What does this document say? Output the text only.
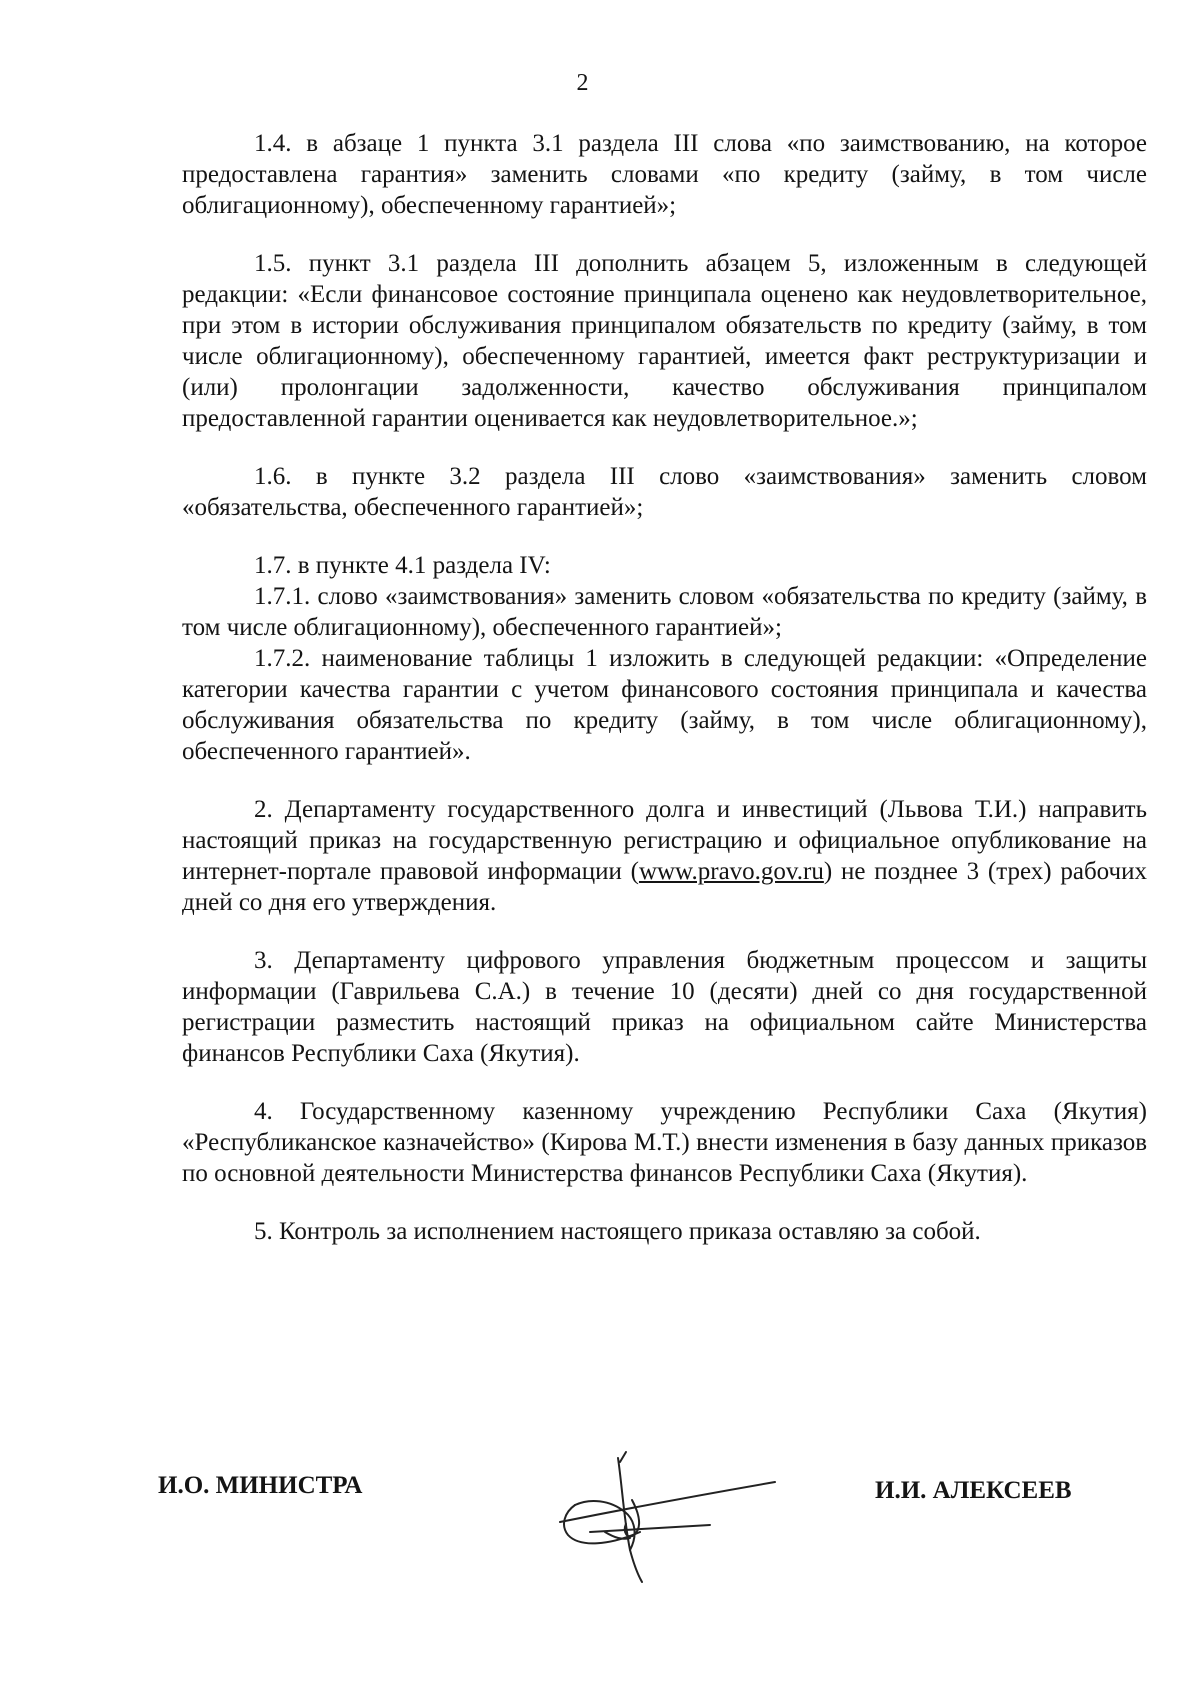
2

1.4. в абзаце 1 пункта 3.1 раздела III слова «по заимствованию, на которое предоставлена гарантия» заменить словами «по кредиту (займу, в том числе облигационному), обеспеченному гарантией»;

1.5. пункт 3.1 раздела III дополнить абзацем 5, изложенным в следующей редакции: «Если финансовое состояние принципала оценено как неудовлетворительное, при этом в истории обслуживания принципалом обязательств по кредиту (займу, в том числе облигационному), обеспеченному гарантией, имеется факт реструктуризации и (или) пролонгации задолженности, качество обслуживания принципалом предоставленной гарантии оценивается как неудовлетворительное.»;

1.6. в пункте 3.2 раздела III слово «заимствования» заменить словом «обязательства, обеспеченного гарантией»;

1.7. в пункте 4.1 раздела IV:

1.7.1. слово «заимствования» заменить словом «обязательства по кредиту (займу, в том числе облигационному), обеспеченного гарантией»;

1.7.2. наименование таблицы 1 изложить в следующей редакции: «Определение категории качества гарантии с учетом финансового состояния принципала и качества обслуживания обязательства по кредиту (займу, в том числе облигационному), обеспеченного гарантией».

2. Департаменту государственного долга и инвестиций (Львова Т.И.) направить настоящий приказ на государственную регистрацию и официальное опубликование на интернет-портале правовой информации (www.pravo.gov.ru) не позднее 3 (трех) рабочих дней со дня его утверждения.

3. Департаменту цифрового управления бюджетным процессом и защиты информации (Гаврильева С.А.) в течение 10 (десяти) дней со дня государственной регистрации разместить настоящий приказ на официальном сайте Министерства финансов Республики Саха (Якутия).

4. Государственному казенному учреждению Республики Саха (Якутия) «Республиканское казначейство» (Кирова М.Т.) внести изменения в базу данных приказов по основной деятельности Министерства финансов Республики Саха (Якутия).

5. Контроль за исполнением настоящего приказа оставляю за собой.

И.О. МИНИСТРА	И.И. АЛЕКСЕЕВ
